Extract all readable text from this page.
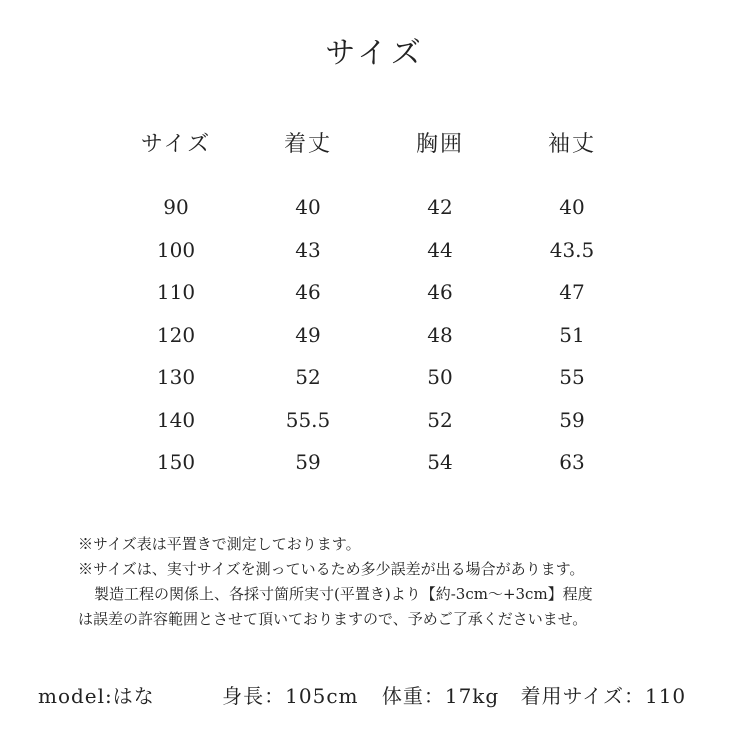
サイズ
サイズ	着丈	胸囲	袖丈
90	40	42	40
100	43	44	43.5
110	46	46	47
120	49	48	51
130	52	50	55
140	55.5	52	59
150	59	54	63
※サイズ表は平置きで測定しております。
※サイズは、実寸サイズを測っているため多少誤差が出る場合があります。
製造工程の関係上、各採寸箇所実寸(平置き)より【約-3cm～+3cm】程度
は誤差の許容範囲とさせて頂いておりますので、予めご了承くださいませ。
model:はな	身長：105cm 体重：17kg 着用サイズ：110
